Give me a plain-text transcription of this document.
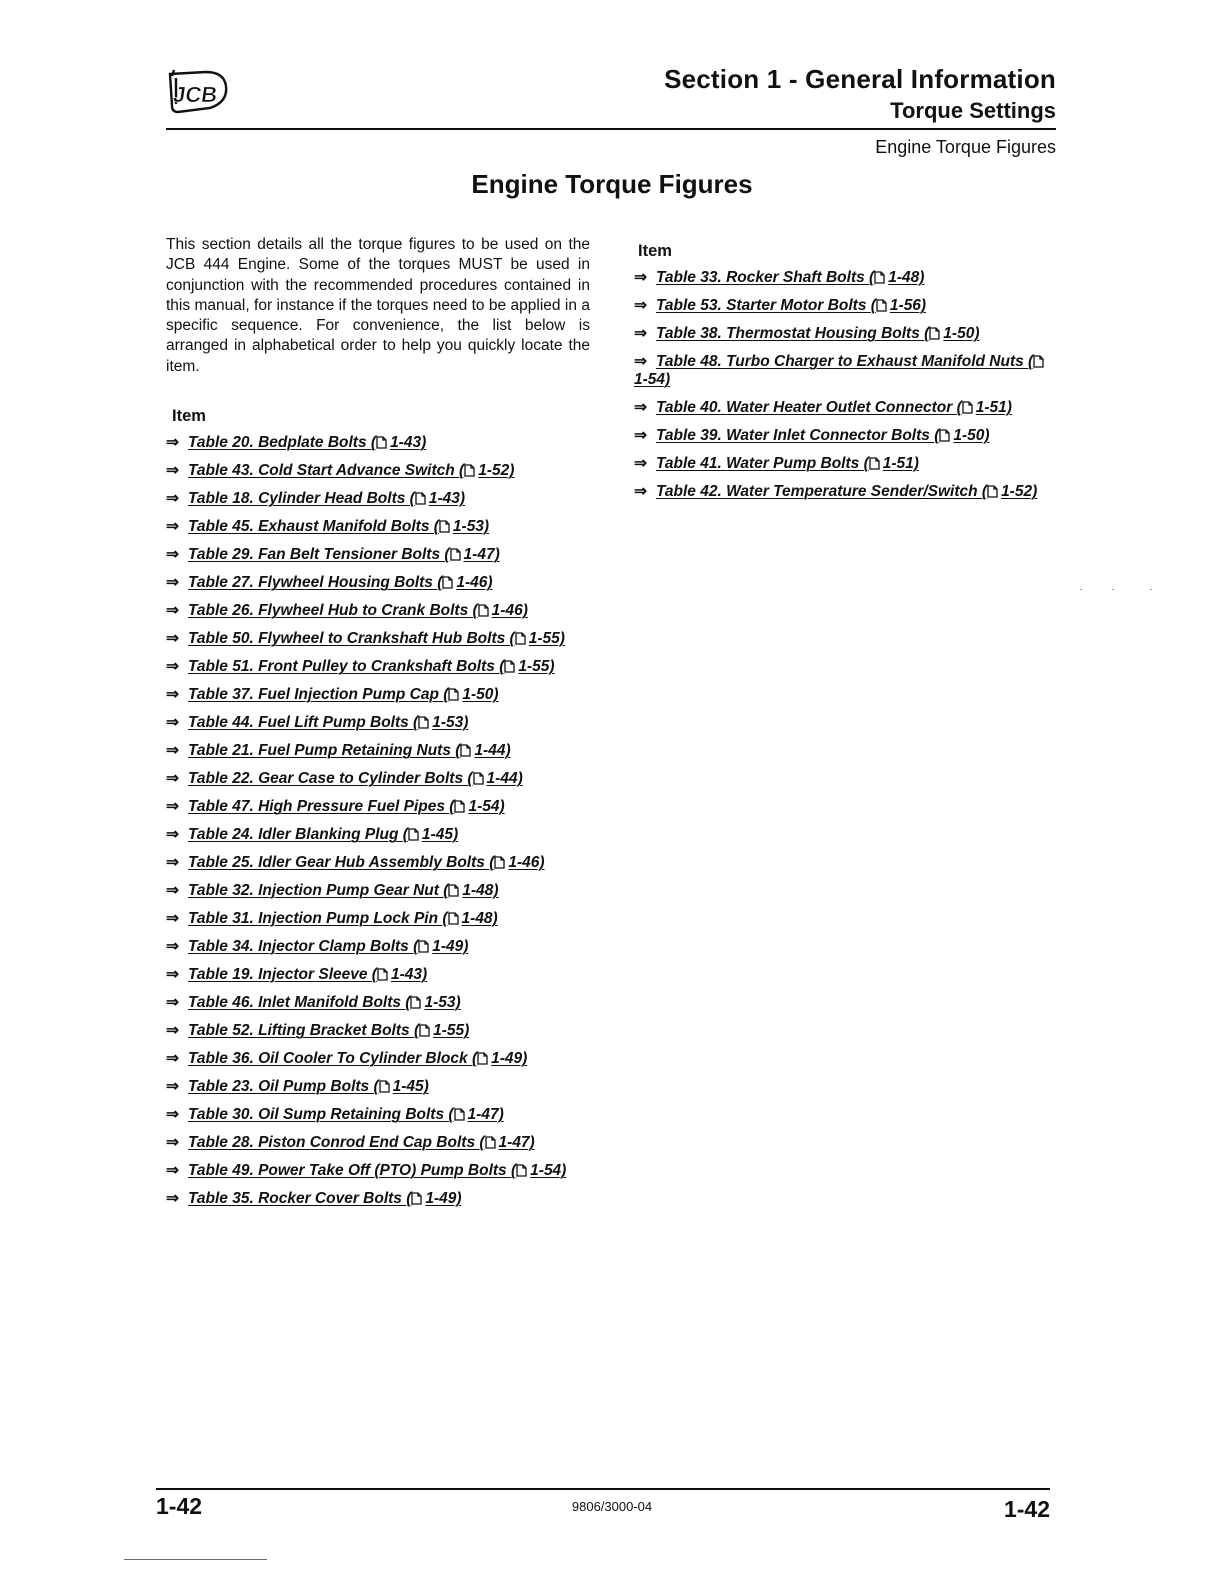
JCB
Section 1 - General Information
Torque Settings
Engine Torque Figures
Engine Torque Figures

This section details all the torque figures to be used on the JCB 444 Engine. Some of the torques MUST be used in conjunction with the recommended procedures contained in this manual, for instance if the torques need to be applied in a specific sequence. For convenience, the list below is arranged in alphabetical order to help you quickly locate the item.

Item
⇒ Table 20. Bedplate Bolts ( 1-43)
⇒ Table 43. Cold Start Advance Switch ( 1-52)
⇒ Table 18. Cylinder Head Bolts ( 1-43)
⇒ Table 45. Exhaust Manifold Bolts ( 1-53)
⇒ Table 29. Fan Belt Tensioner Bolts ( 1-47)
⇒ Table 27. Flywheel Housing Bolts ( 1-46)
⇒ Table 26. Flywheel Hub to Crank Bolts ( 1-46)
⇒ Table 50. Flywheel to Crankshaft Hub Bolts ( 1-55)
⇒ Table 51. Front Pulley to Crankshaft Bolts ( 1-55)
⇒ Table 37. Fuel Injection Pump Cap ( 1-50)
⇒ Table 44. Fuel Lift Pump Bolts ( 1-53)
⇒ Table 21. Fuel Pump Retaining Nuts ( 1-44)
⇒ Table 22. Gear Case to Cylinder Bolts ( 1-44)
⇒ Table 47. High Pressure Fuel Pipes ( 1-54)
⇒ Table 24. Idler Blanking Plug ( 1-45)
⇒ Table 25. Idler Gear Hub Assembly Bolts ( 1-46)
⇒ Table 32. Injection Pump Gear Nut ( 1-48)
⇒ Table 31. Injection Pump Lock Pin ( 1-48)
⇒ Table 34. Injector Clamp Bolts ( 1-49)
⇒ Table 19. Injector Sleeve ( 1-43)
⇒ Table 46. Inlet Manifold Bolts ( 1-53)
⇒ Table 52. Lifting Bracket Bolts ( 1-55)
⇒ Table 36. Oil Cooler To Cylinder Block ( 1-49)
⇒ Table 23. Oil Pump Bolts ( 1-45)
⇒ Table 30. Oil Sump Retaining Bolts ( 1-47)
⇒ Table 28. Piston Conrod End Cap Bolts ( 1-47)
⇒ Table 49. Power Take Off (PTO) Pump Bolts ( 1-54)
⇒ Table 35. Rocker Cover Bolts ( 1-49)
Item
⇒ Table 33. Rocker Shaft Bolts ( 1-48)
⇒ Table 53. Starter Motor Bolts ( 1-56)
⇒ Table 38. Thermostat Housing Bolts ( 1-50)
⇒ Table 48. Turbo Charger to Exhaust Manifold Nuts (1-54)
⇒ Table 40. Water Heater Outlet Connector ( 1-51)
⇒ Table 39. Water Inlet Connector Bolts ( 1-50)
⇒ Table 41. Water Pump Bolts ( 1-51)
⇒ Table 42. Water Temperature Sender/Switch ( 1-52)
1-42	9806/3000-04	1-42
